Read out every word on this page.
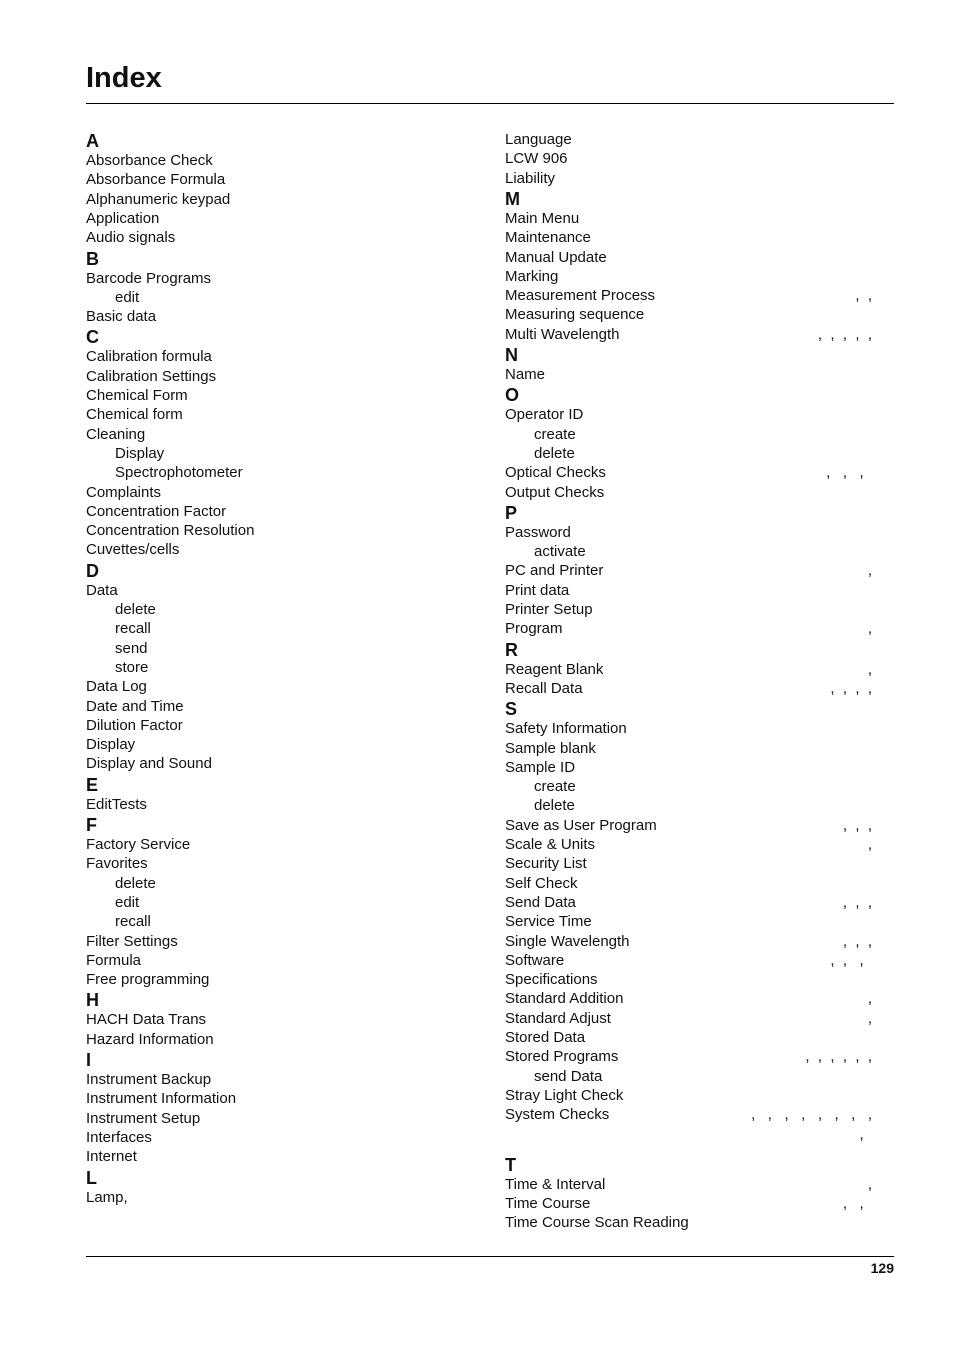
Index
A
Absorbance Check
Absorbance Formula
Alphanumeric keypad
Application
Audio signals
B
Barcode Programs
edit
Basic data
C
Calibration formula
Calibration Settings
Chemical Form
Chemical form
Cleaning
Display
Spectrophotometer
Complaints
Concentration Factor
Concentration Resolution
Cuvettes/cells
D
Data
delete
recall
send
store
Data Log
Date and Time
Dilution Factor
Display
Display and Sound
E
EditTests
F
Factory Service
Favorites
delete
edit
recall
Filter Settings
Formula
Free programming
H
HACH Data Trans
Hazard Information
I
Instrument Backup
Instrument Information
Instrument Setup
Interfaces
Internet
L
Lamp,
Language
LCW 906
Liability
M
Main Menu
Maintenance
Manual Update
Marking
Measurement Process	,  ,
Measuring sequence
Multi Wavelength	,  ,  ,  ,  ,
N
Name
O
Operator ID
create
delete
Optical Checks	,   ,   ,
Output Checks
P
Password
activate
PC and Printer	,
Print data
Printer Setup
Program	,
R
Reagent Blank	,
Recall Data	,  ,  ,  ,
S
Safety Information
Sample blank
Sample ID
create
delete
Save as User Program	,  ,  ,
Scale & Units	,
Security List
Self Check
Send Data	,  ,  ,
Service Time
Single Wavelength	,  ,  ,
Software	,  ,   ,
Specifications
Standard Addition	,
Standard Adjust	,
Stored Data
Stored Programs	,  ,  ,  ,  ,  ,
send Data
Stray Light Check
System Checks	,   ,   ,   ,   ,   ,   ,   ,
,
T
Time & Interval	,
Time Course	,   ,
Time Course Scan Reading
129
